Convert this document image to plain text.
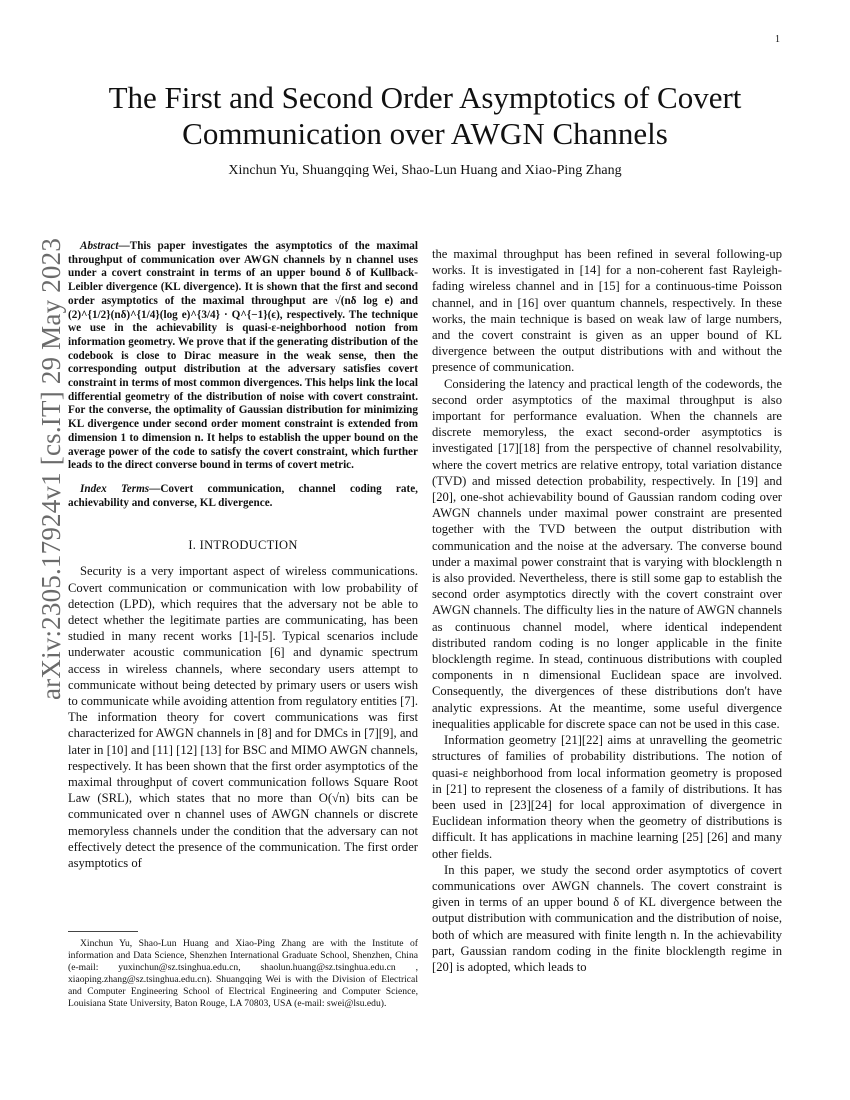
1
arXiv:2305.17924v1 [cs.IT] 29 May 2023
The First and Second Order Asymptotics of Covert Communication over AWGN Channels
Xinchun Yu, Shuangqing Wei, Shao-Lun Huang and Xiao-Ping Zhang

Abstract—This paper investigates the asymptotics of the maximal throughput of communication over AWGN channels by n channel uses under a covert constraint in terms of an upper bound δ of Kullback-Leibler divergence (KL divergence). It is shown that the first and second order asymptotics of the maximal throughput are √(nδ log e) and (2)^{1/2}(nδ)^{1/4}(log e)^{3/4} · Q^{−1}(ϵ), respectively. The technique we use in the achievability is quasi-ε-neighborhood notion from information geometry. We prove that if the generating distribution of the codebook is close to Dirac measure in the weak sense, then the corresponding output distribution at the adversary satisfies covert constraint in terms of most common divergences. This helps link the local differential geometry of the distribution of noise with covert constraint. For the converse, the optimality of Gaussian distribution for minimizing KL divergence under second order moment constraint is extended from dimension 1 to dimension n. It helps to establish the upper bound on the average power of the code to satisfy the covert constraint, which further leads to the direct converse bound in terms of covert metric.

Index Terms—Covert communication, channel coding rate, achievability and converse, KL divergence.

I. INTRODUCTION

Security is a very important aspect of wireless communications. Covert communication or communication with low probability of detection (LPD), which requires that the adversary not be able to detect whether the legitimate parties are communicating, has been studied in many recent works [1]-[5]. Typical scenarios include underwater acoustic communication [6] and dynamic spectrum access in wireless channels, where secondary users attempt to communicate without being detected by primary users or users wish to communicate while avoiding attention from regulatory entities [7]. The information theory for covert communications was first characterized for AWGN channels in [8] and for DMCs in [7][9], and later in [10] and [11] [12] [13] for BSC and MIMO AWGN channels, respectively. It has been shown that the first order asymptotics of the maximal throughput of covert communication follows Square Root Law (SRL), which states that no more than O(√n) bits can be communicated over n channel uses of AWGN channels or discrete memoryless channels under the condition that the adversary can not effectively detect the presence of the communication. The first order asymptotics of

Xinchun Yu, Shao-Lun Huang and Xiao-Ping Zhang are with the Institute of information and Data Science, Shenzhen International Graduate School, Shenzhen, China (e-mail: yuxinchun@sz.tsinghua.edu.cn, shaolun.huang@sz.tsinghua.edu.cn , xiaoping.zhang@sz.tsinghua.edu.cn). Shuangqing Wei is with the Division of Electrical and Computer Engineering School of Electrical Engineering and Computer Science, Louisiana State University, Baton Rouge, LA 70803, USA (e-mail: swei@lsu.edu).

the maximal throughput has been refined in several following-up works. It is investigated in [14] for a non-coherent fast Rayleigh-fading wireless channel and in [15] for a continuous-time Poisson channel, and in [16] over quantum channels, respectively. In these works, the main technique is based on weak law of large numbers, and the covert constraint is given as an upper bound of KL divergence between the output distributions with and without the presence of communication.

Considering the latency and practical length of the codewords, the second order asymptotics of the maximal throughput is also important for performance evaluation. When the channels are discrete memoryless, the exact second-order asymptotics is investigated [17][18] from the perspective of channel resolvability, where the covert metrics are relative entropy, total variation distance (TVD) and missed detection probability, respectively. In [19] and [20], one-shot achievability bound of Gaussian random coding over AWGN channels under maximal power constraint are presented together with the TVD between the output distribution with communication and the noise at the adversary. The converse bound under a maximal power constraint that is varying with blocklength n is also provided. Nevertheless, there is still some gap to establish the second order asymptotics directly with the covert constraint over AWGN channels. The difficulty lies in the nature of AWGN channels as continuous channel model, where identical independent distributed random coding is no longer applicable in the finite blocklength regime. In stead, continuous distributions with coupled components in n dimensional Euclidean space are involved. Consequently, the divergences of these distributions don't have analytic expressions. At the meantime, some useful divergence inequalities applicable for discrete space can not be used in this case.

Information geometry [21][22] aims at unravelling the geometric structures of families of probability distributions. The notion of quasi-ε neighborhood from local information geometry is proposed in [21] to represent the closeness of a family of distributions. It has been used in [23][24] for local approximation of divergence in Euclidean information theory when the geometry of distributions is difficult. It has applications in machine learning [25] [26] and many other fields.

In this paper, we study the second order asymptotics of covert communications over AWGN channels. The covert constraint is given in terms of an upper bound δ of KL divergence between the output distribution with communication and the distribution of noise, both of which are measured with finite length n. In the achievability part, Gaussian random coding in the finite blocklength regime in [20] is adopted, which leads to
